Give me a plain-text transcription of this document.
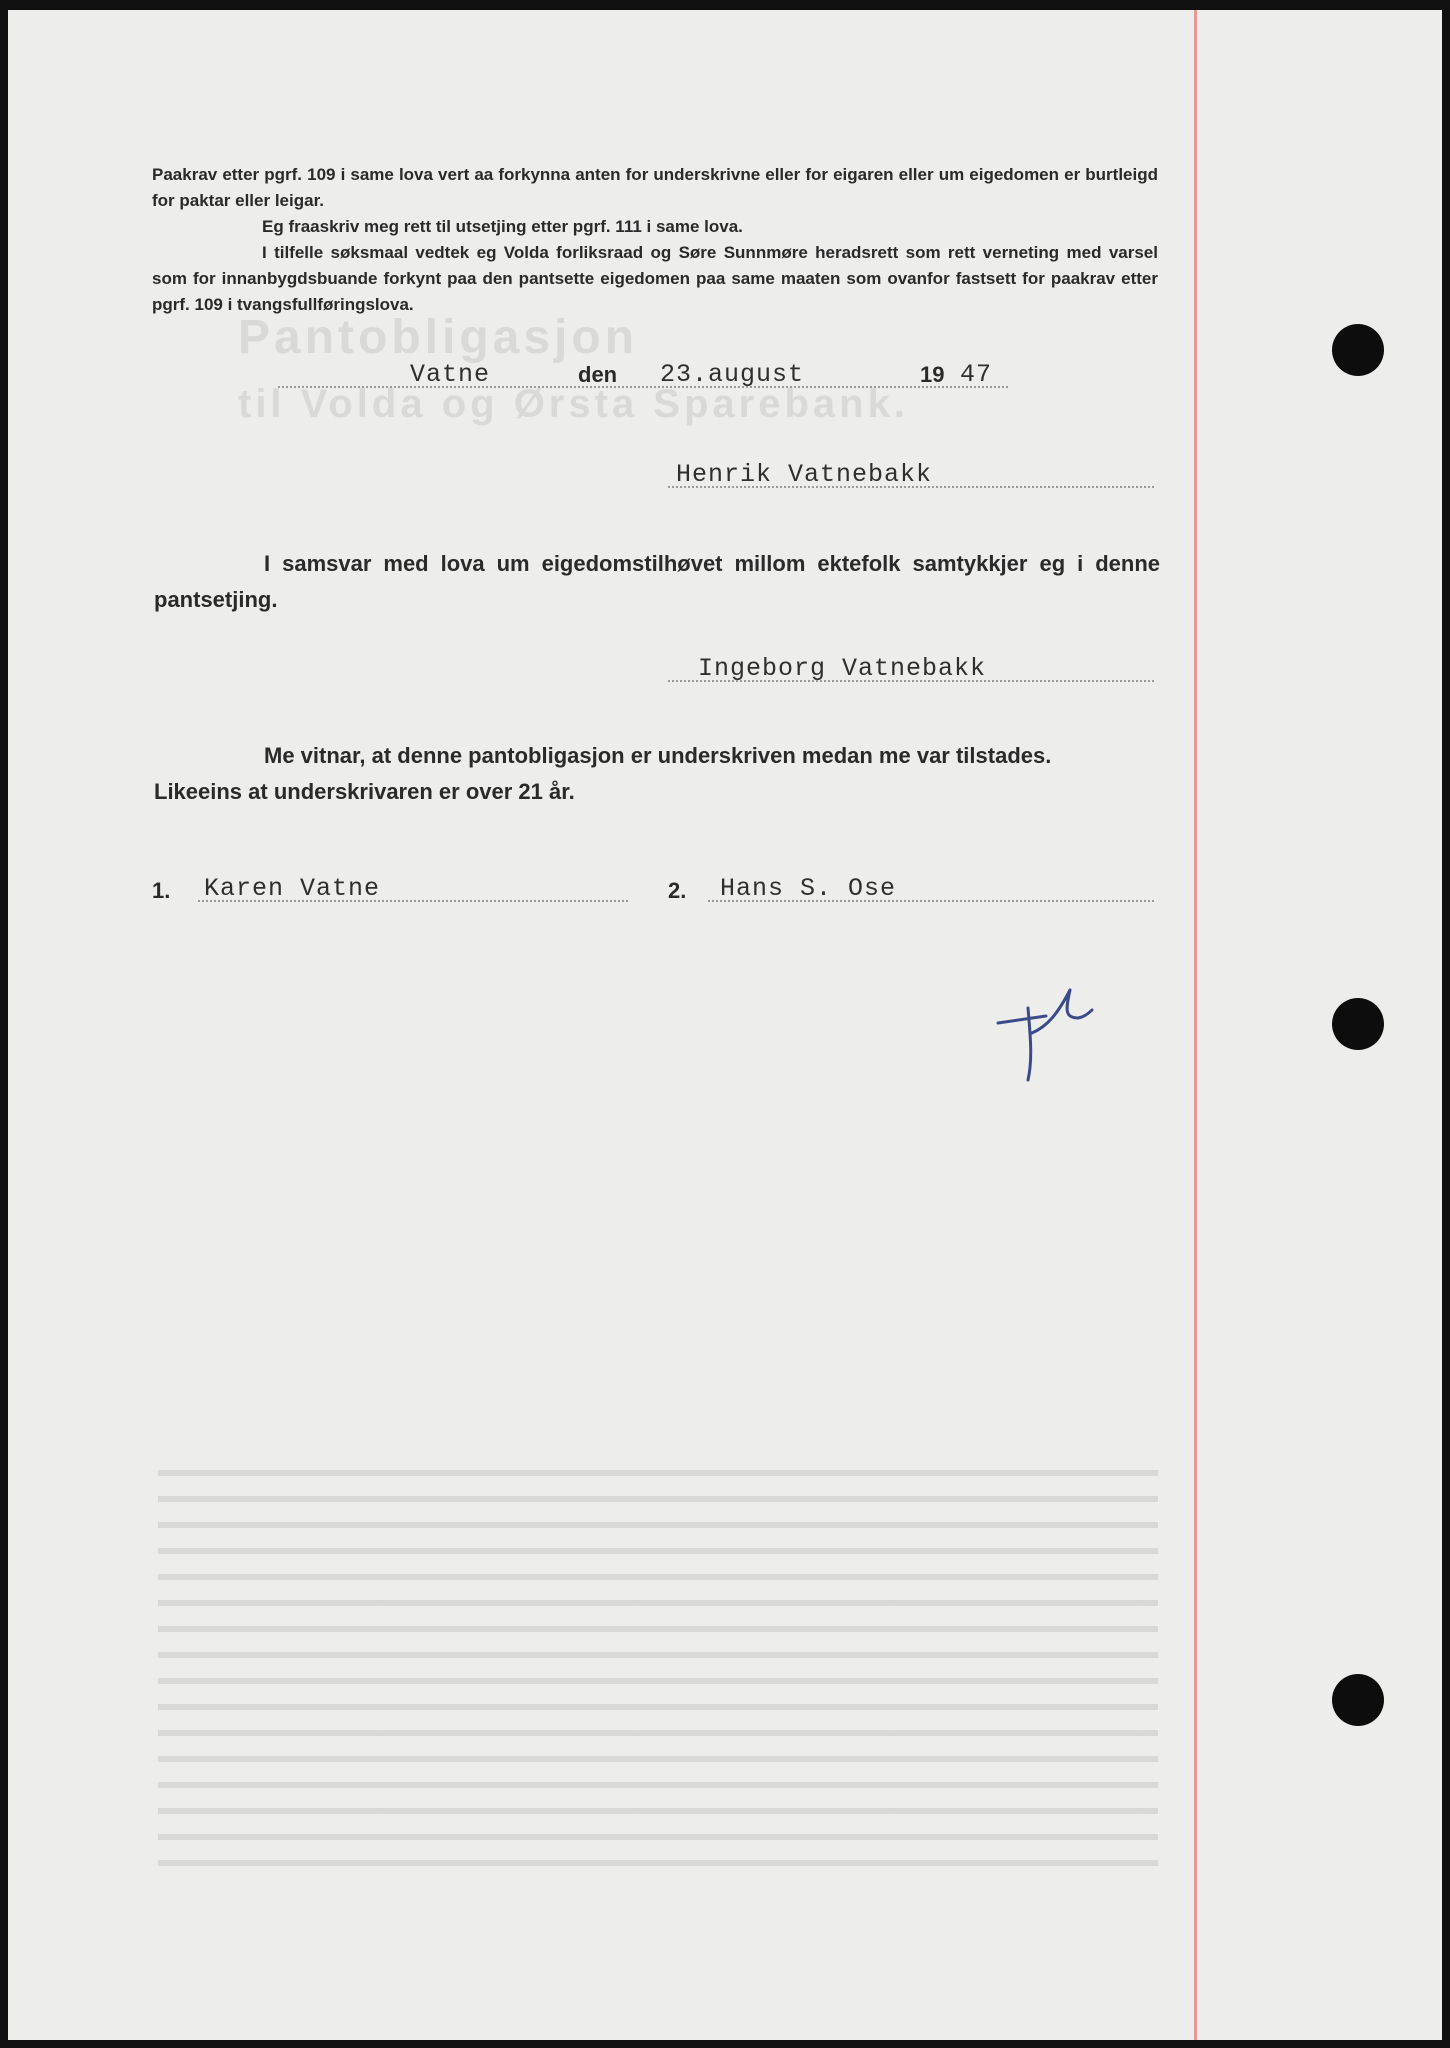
Pantobligasjon
til Volda og Ørsta Sparebank.

Paakrav etter pgrf. 109 i same lova vert aa forkynna anten for underskrivne eller for eigaren eller um eigedomen er burtleigd for paktar eller leigar.

Eg fraaskriv meg rett til utsetjing etter pgrf. 111 i same lova.

I tilfelle søksmaal vedtek eg Volda forliksraad og Søre Sunnmøre heradsrett som rett verneting med varsel som for innanbygdsbuande forkynt paa den pantsette eigedomen paa same maaten som ovanfor fastsett for paakrav etter pgrf. 109 i tvangsfullføringslova.

Vatne	den 23.august	19 47
Henrik Vatnebakk

I samsvar med lova um eigedomstilhøvet millom ektefolk samtykkjer eg i denne pantsetjing.

Ingeborg Vatnebakk

Me vitnar, at denne pantobligasjon er underskriven medan me var tilstades.

Likeeins at underskrivaren er over 21 år.

1. Karen Vatne	2. Hans S. Ose
